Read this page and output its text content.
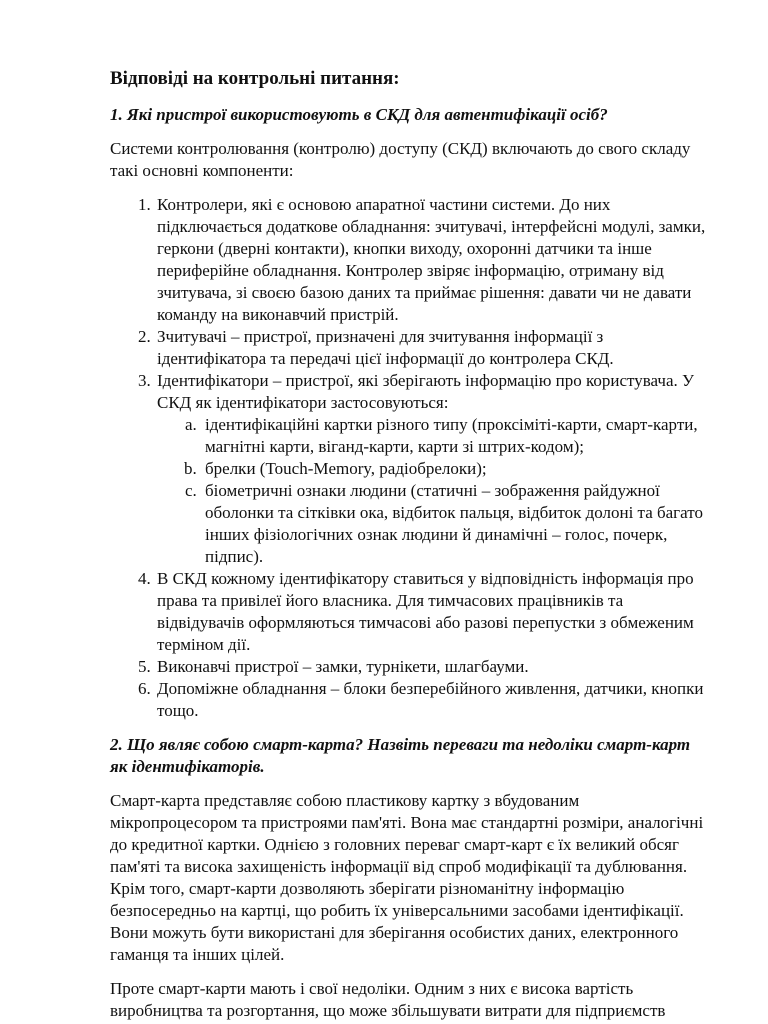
Відповіді на контрольні питання:
1. Які пристрої використовують в СКД для автентифікації осіб?

Системи контролювання (контролю) доступу (СКД) включають до свого складу такі основні компоненти:

1. Контролери, які є основою апаратної частини системи. До них підключається додаткове обладнання: зчитувачі, інтерфейсні модулі, замки, геркони (дверні контакти), кнопки виходу, охоронні датчики та інше периферійне обладнання. Контролер звіряє інформацію, отриману від зчитувача, зі своєю базою даних та приймає рішення: давати чи не давати команду на виконавчий пристрій.
2. Зчитувачі – пристрої, призначені для зчитування інформації з ідентифікатора та передачі цієї інформації до контролера СКД.
3. Ідентифікатори – пристрої, які зберігають інформацію про користувача. У СКД як ідентифікатори застосовуються:
a. ідентифікаційні картки різного типу (проксіміті-карти, смарт-карти, магнітні карти, віганд-карти, карти зі штрих-кодом);
b. брелки (Touch-Memory, радіобрелоки);
c. біометричні ознаки людини (статичні – зображення райдужної оболонки та сітківки ока, відбиток пальця, відбиток долоні та багато інших фізіологічних ознак людини й динамічні – голос, почерк, підпис).
4. В СКД кожному ідентифікатору ставиться у відповідність інформація про права та привілеї його власника. Для тимчасових працівників та відвідувачів оформляються тимчасові або разові перепустки з обмеженим терміном дії.
5. Виконавчі пристрої – замки, турнікети, шлагбауми.
6. Допоміжне обладнання – блоки безперебійного живлення, датчики, кнопки тощо.
2. Що являє собою смарт-карта? Назвіть переваги та недоліки смарт-карт як ідентифікаторів.

Смарт-карта представляє собою пластикову картку з вбудованим мікропроцесором та пристроями пам'яті. Вона має стандартні розміри, аналогічні до кредитної картки. Однією з головних переваг смарт-карт є їх великий обсяг пам'яті та висока захищеність інформації від спроб модифікації та дублювання. Крім того, смарт-карти дозволяють зберігати різноманітну інформацію безпосередньо на картці, що робить їх універсальними засобами ідентифікації. Вони можуть бути використані для зберігання особистих даних, електронного гаманця та інших цілей.

Проте смарт-карти мають і свої недоліки. Одним з них є висока вартість виробництва та розгортання, що може збільшувати витрати для підприємств
